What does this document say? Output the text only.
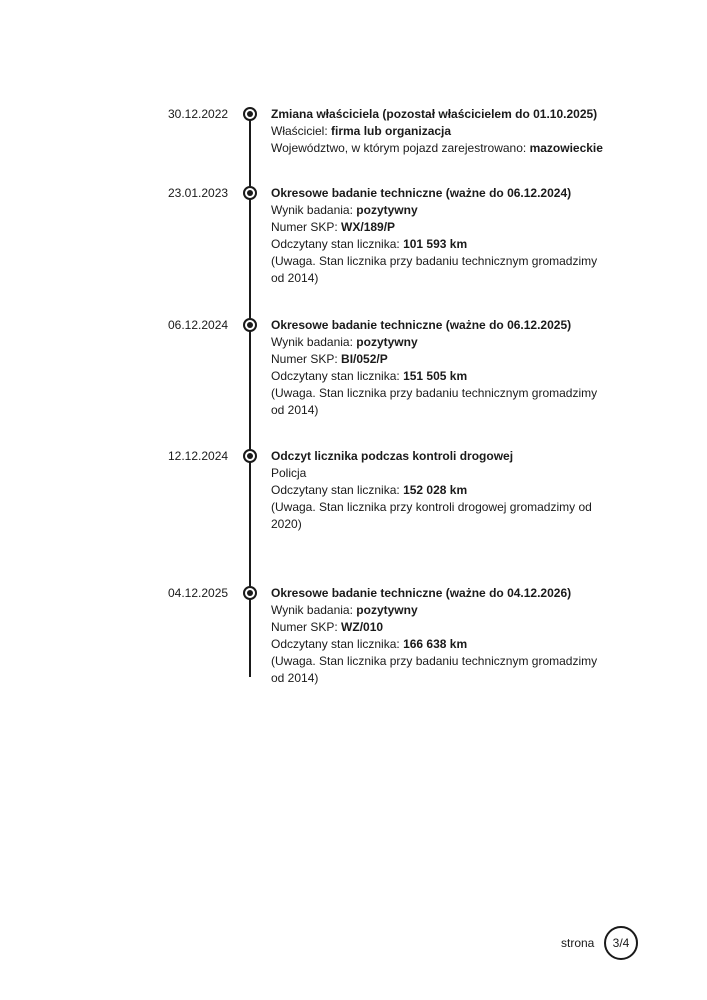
30.12.2022	Zmiana właściciela (pozostał właścicielem do 01.10.2025)
Właściciel: firma lub organizacja
Województwo, w którym pojazd zarejestrowano: mazowieckie
23.01.2023	Okresowe badanie techniczne (ważne do 06.12.2024)
Wynik badania: pozytywny
Numer SKP: WX/189/P
Odczytany stan licznika: 101 593 km
(Uwaga. Stan licznika przy badaniu technicznym gromadzimy od 2014)
06.12.2024	Okresowe badanie techniczne (ważne do 06.12.2025)
Wynik badania: pozytywny
Numer SKP: BI/052/P
Odczytany stan licznika: 151 505 km
(Uwaga. Stan licznika przy badaniu technicznym gromadzimy od 2014)
12.12.2024	Odczyt licznika podczas kontroli drogowej
Policja
Odczytany stan licznika: 152 028 km
(Uwaga. Stan licznika przy kontroli drogowej gromadzimy od 2020)
04.12.2025	Okresowe badanie techniczne (ważne do 04.12.2026)
Wynik badania: pozytywny
Numer SKP: WZ/010
Odczytany stan licznika: 166 638 km
(Uwaga. Stan licznika przy badaniu technicznym gromadzimy od 2014)
strona 3/4
